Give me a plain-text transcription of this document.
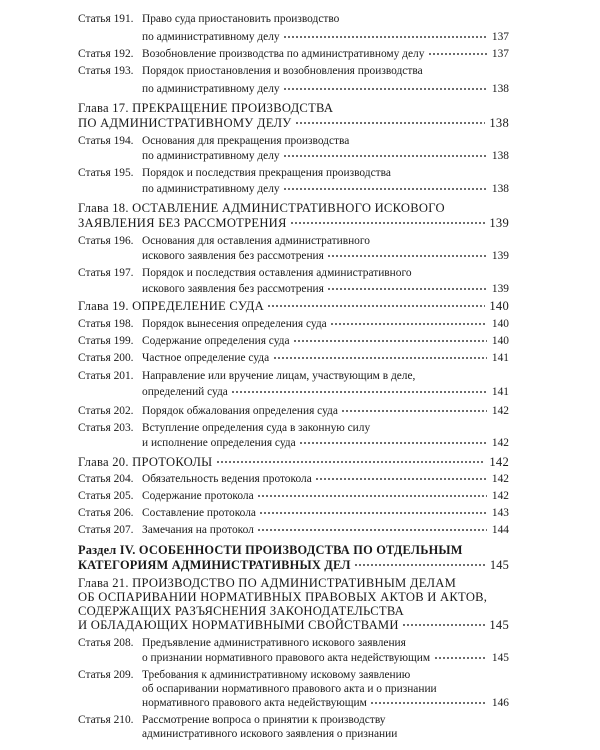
Статья 191. Право суда приостановить производство
по административному делу	137
Статья 192. Возобновление производства по административному делу	137
Статья 193. Порядок приостановления и возобновления производства
по административному делу	138
Глава 17. ПРЕКРАЩЕНИЕ ПРОИЗВОДСТВА
ПО АДМИНИСТРАТИВНОМУ ДЕЛУ	138
Статья 194. Основания для прекращения производства
по административному делу	138
Статья 195. Порядок и последствия прекращения производства
по административному делу	138
Глава 18. ОСТАВЛЕНИЕ АДМИНИСТРАТИВНОГО ИСКОВОГО
ЗАЯВЛЕНИЯ БЕЗ РАССМОТРЕНИЯ	139
Статья 196. Основания для оставления административного
искового заявления без рассмотрения	139
Статья 197. Порядок и последствия оставления административного
искового заявления без рассмотрения	139
Глава 19. ОПРЕДЕЛЕНИЕ СУДА	140
Статья 198. Порядок вынесения определения суда	140
Статья 199. Содержание определения суда	140
Статья 200. Частное определение суда	141
Статья 201. Направление или вручение лицам, участвующим в деле,
определений суда	141
Статья 202. Порядок обжалования определения суда	142
Статья 203. Вступление определения суда в законную силу
и исполнение определения суда	142
Глава 20. ПРОТОКОЛЫ	142
Статья 204. Обязательность ведения протокола	142
Статья 205. Содержание протокола	142
Статья 206. Составление протокола	143
Статья 207. Замечания на протокол	144
Раздел IV. ОСОБЕННОСТИ ПРОИЗВОДСТВА ПО ОТДЕЛЬНЫМ
КАТЕГОРИЯМ АДМИНИСТРАТИВНЫХ ДЕЛ	145
Глава 21. ПРОИЗВОДСТВО ПО АДМИНИСТРАТИВНЫМ ДЕЛАМ
ОБ ОСПАРИВАНИИ НОРМАТИВНЫХ ПРАВОВЫХ АКТОВ И АКТОВ,
СОДЕРЖАЩИХ РАЗЪЯСНЕНИЯ ЗАКОНОДАТЕЛЬСТВА
И ОБЛАДАЮЩИХ НОРМАТИВНЫМИ СВОЙСТВАМИ	145
Статья 208. Предъявление административного искового заявления
о признании нормативного правового акта недействующим	145
Статья 209. Требования к административному исковому заявлению
об оспаривании нормативного правового акта и о признании
нормативного правового акта недействующим	146
Статья 210. Рассмотрение вопроса о принятии к производству
административного искового заявления о признании
